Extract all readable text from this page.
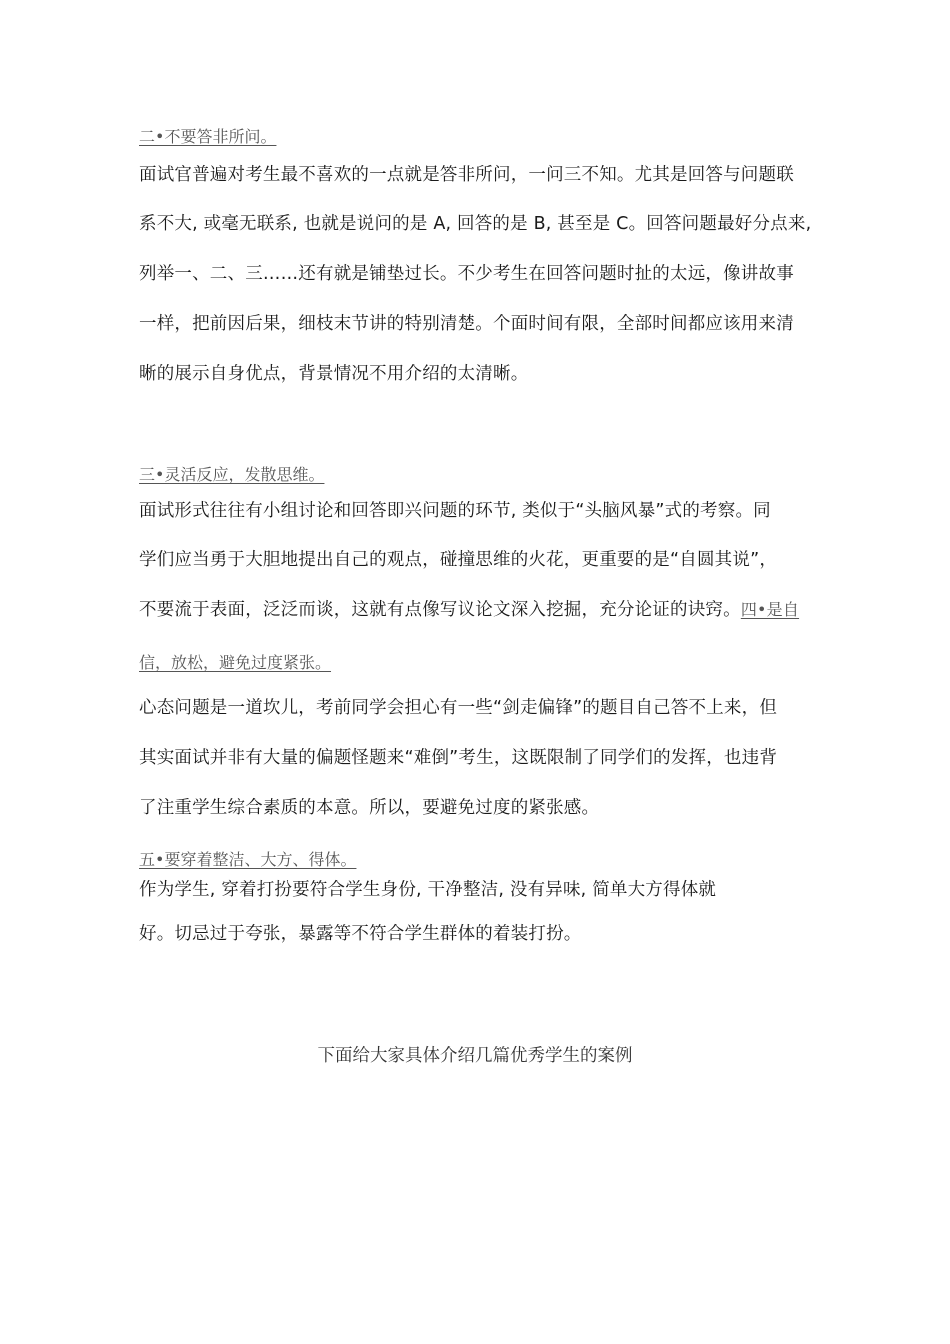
二•不要答非所问。
面试官普遍对考生最不喜欢的一点就是答非所问，一问三不知。尤其是回答与问题联
系不大, 或毫无联系, 也就是说问的是 A, 回答的是 B, 甚至是 C。回答问题最好分点来,
列举一、二、三……还有就是铺垫过长。不少考生在回答问题时扯的太远，像讲故事
一样，把前因后果，细枝末节讲的特别清楚。个面时间有限，全部时间都应该用来清
晰的展示自身优点，背景情况不用介绍的太清晰。
三•灵活反应，发散思维。
面试形式往往有小组讨论和回答即兴问题的环节, 类似于“头脑风暴”式的考察。同
学们应当勇于大胆地提出自己的观点，碰撞思维的火花，更重要的是“自圆其说”，
不要流于表面，泛泛而谈，这就有点像写议论文深入挖掘，充分论证的诀窍。四•是自
信，放松，避免过度紧张。
心态问题是一道坎儿，考前同学会担心有一些“剑走偏锋”的题目自己答不上来，但
其实面试并非有大量的偏题怪题来“难倒”考生，这既限制了同学们的发挥，也违背
了注重学生综合素质的本意。所以，要避免过度的紧张感。
五•要穿着整洁、大方、得体。
作为学生, 穿着打扮要符合学生身份, 干净整洁, 没有异味, 简单大方得体就
好。切忌过于夸张，暴露等不符合学生群体的着装打扮。
下面给大家具体介绍几篇优秀学生的案例
